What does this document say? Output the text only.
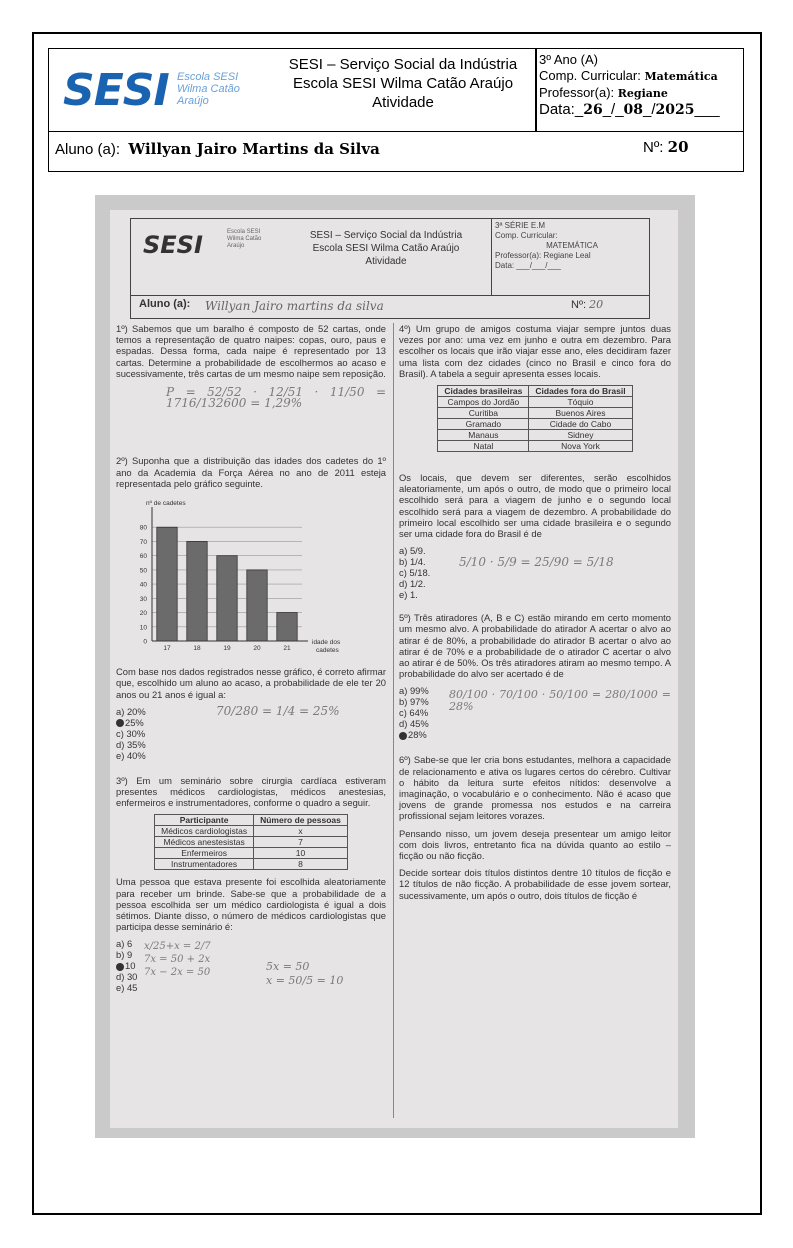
SESI Escola SESI Wilma Catão Araújo
SESI – Serviço Social da Indústria
Escola SESI Wilma Catão Araújo
Atividade
3º Ano (A)
Comp. Curricular: Matemática
Professor(a): Regiane
Data:_26_/_08_/2025___
Aluno (a): Willyan Jairo Martins da Silva	Nº: 20
SESI	Escola SESI Wilma Catão Araújo
SESI – Serviço Social da Indústria
Escola SESI Wilma Catão Araújo
Atividade
3ª SÉRIE E.M
Comp. Curricular:
MATEMÁTICA
Professor(a): Regiane Leal
Data: ___/___/___
Aluno (a): Willyan Jairo martins da silva	Nº: 20

1º) Sabemos que um baralho é composto de 52 cartas, onde temos a representação de quatro naipes: copas, ouro, paus e espadas. Dessa forma, cada naipe é representado por 13 cartas. Determine a probabilidade de escolhermos ao acaso e sucessivamente, três cartas de um mesmo naipe sem reposição.

P = 52/52 · 12/51 · 11/50 = 1716/132600 = 1,29%

2º) Suponha que a distribuição das idades dos cadetes do 1º ano da Academia da Força Aérea no ano de 2011 esteja representada pelo gráfico seguinte.

0
10
20
30
40
50
60
70
80
nº de cadetes
17	18	19	20	21
idade dos cadetes

Com base nos dados registrados nesse gráfico, é correto afirmar que, escolhido um aluno ao acaso, a probabilidade de ele ter 20 anos ou 21 anos é igual a:

a) 20%
25%
c) 30%
d) 35%
e) 40%
70/280 = 1/4 = 25%

3º) Em um seminário sobre cirurgia cardíaca estiveram presentes médicos cardiologistas, médicos anestesias, enfermeiros e instrumentadores, conforme o quadro a seguir.

Participante	Número de pessoas
Médicos cardiologistas	x
Médicos anestesistas	7
Enfermeiros	10
Instrumentadores	8

Uma pessoa que estava presente foi escolhida aleatoriamente para receber um brinde. Sabe-se que a probabilidade de a pessoa escolhida ser um médico cardiologista é igual a dois sétimos. Diante disso, o número de médicos cardiologistas que participa desse seminário é:

a) 6
b) 9
10
d) 30
e) 45
x/25+x = 2/7
7x = 50 + 2x
7x − 2x = 50	5x = 50
x = 50/5 = 10

4º) Um grupo de amigos costuma viajar sempre juntos duas vezes por ano: uma vez em junho e outra em dezembro. Para escolher os locais que irão viajar esse ano, eles decidiram fazer uma lista com dez cidades (cinco no Brasil e cinco fora do Brasil). A tabela a seguir apresenta esses locais.

Cidades brasileiras	Cidades fora do Brasil
Campos do Jordão	Tóquio
Curitiba	Buenos Aires
Gramado	Cidade do Cabo
Manaus	Sidney
Natal	Nova York

Os locais, que devem ser diferentes, serão escolhidos aleatoriamente, um após o outro, de modo que o primeiro local escolhido será para a viagem de junho e o segundo local escolhido será para a viagem de dezembro. A probabilidade do primeiro local escolhido ser uma cidade brasileira e o segundo ser uma cidade fora do Brasil é de

a) 5/9.
b) 1/4.
c) 5/18.
d) 1/2.
e) 1.
5/10 · 5/9 = 25/90 = 5/18

5º) Três atiradores (A, B e C) estão mirando em certo momento um mesmo alvo. A probabilidade do atirador A acertar o alvo ao atirar é de 80%, a probabilidade do atirador B acertar o alvo ao atirar é de 70% e a probabilidade de o atirador C acertar o alvo ao atirar é de 50%. Os três atiradores atiram ao mesmo tempo. A probabilidade do alvo ser acertado é de

a) 99%
b) 97%
c) 64%
d) 45%
28%
80/100 · 70/100 · 50/100 = 280/1000 = 28%

6º) Sabe-se que ler cria bons estudantes, melhora a capacidade de relacionamento e ativa os lugares certos do cérebro. Cultivar o hábito da leitura surte efeitos nítidos: desenvolve a imaginação, o vocabulário e o conhecimento. Não é acaso que jovens de grande promessa nos estudos e na carreira profissional sejam leitores vorazes.

Pensando nisso, um jovem deseja presentear um amigo leitor com dois livros, entretanto fica na dúvida quanto ao estilo – ficção ou não ficção.

Decide sortear dois títulos distintos dentre 10 títulos de ficção e 12 títulos de não ficção. A probabilidade de esse jovem sortear, sucessivamente, um após o outro, dois títulos de ficção é
